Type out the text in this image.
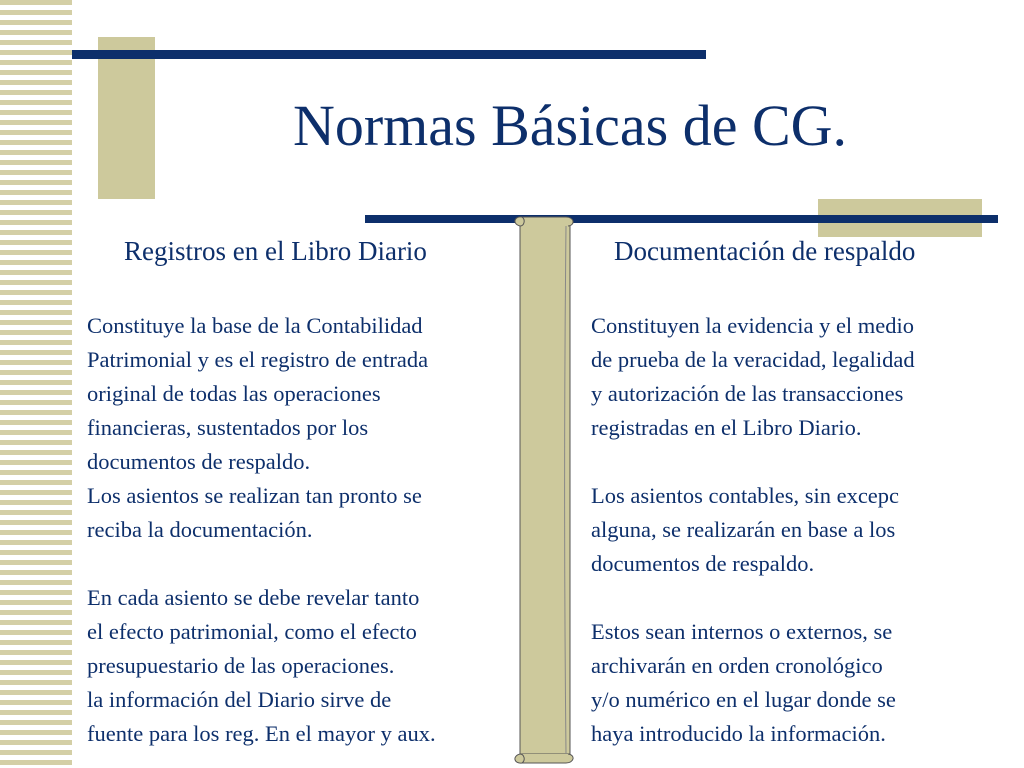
Normas Básicas de CG.
Registros en el Libro Diario	Documentación de respaldo

Constituye la base de la Contabilidad

Patrimonial y es el registro de entrada

original de todas las operaciones

financieras, sustentados por los

documentos de respaldo.

Los asientos se realizan tan pronto se

reciba la documentación.

En cada asiento se debe revelar tanto

el efecto patrimonial, como el efecto

presupuestario de las operaciones.

la información del Diario sirve de

fuente para los reg. En el mayor y aux.

Constituyen la evidencia y el medio

de prueba de la veracidad, legalidad

y autorización de las transacciones

registradas en el Libro Diario.

Los asientos contables, sin excepc

alguna, se realizarán en base a los

documentos de respaldo.

Estos sean internos o externos, se

archivarán en orden cronológico

y/o numérico en el lugar donde se

haya introducido la información.
